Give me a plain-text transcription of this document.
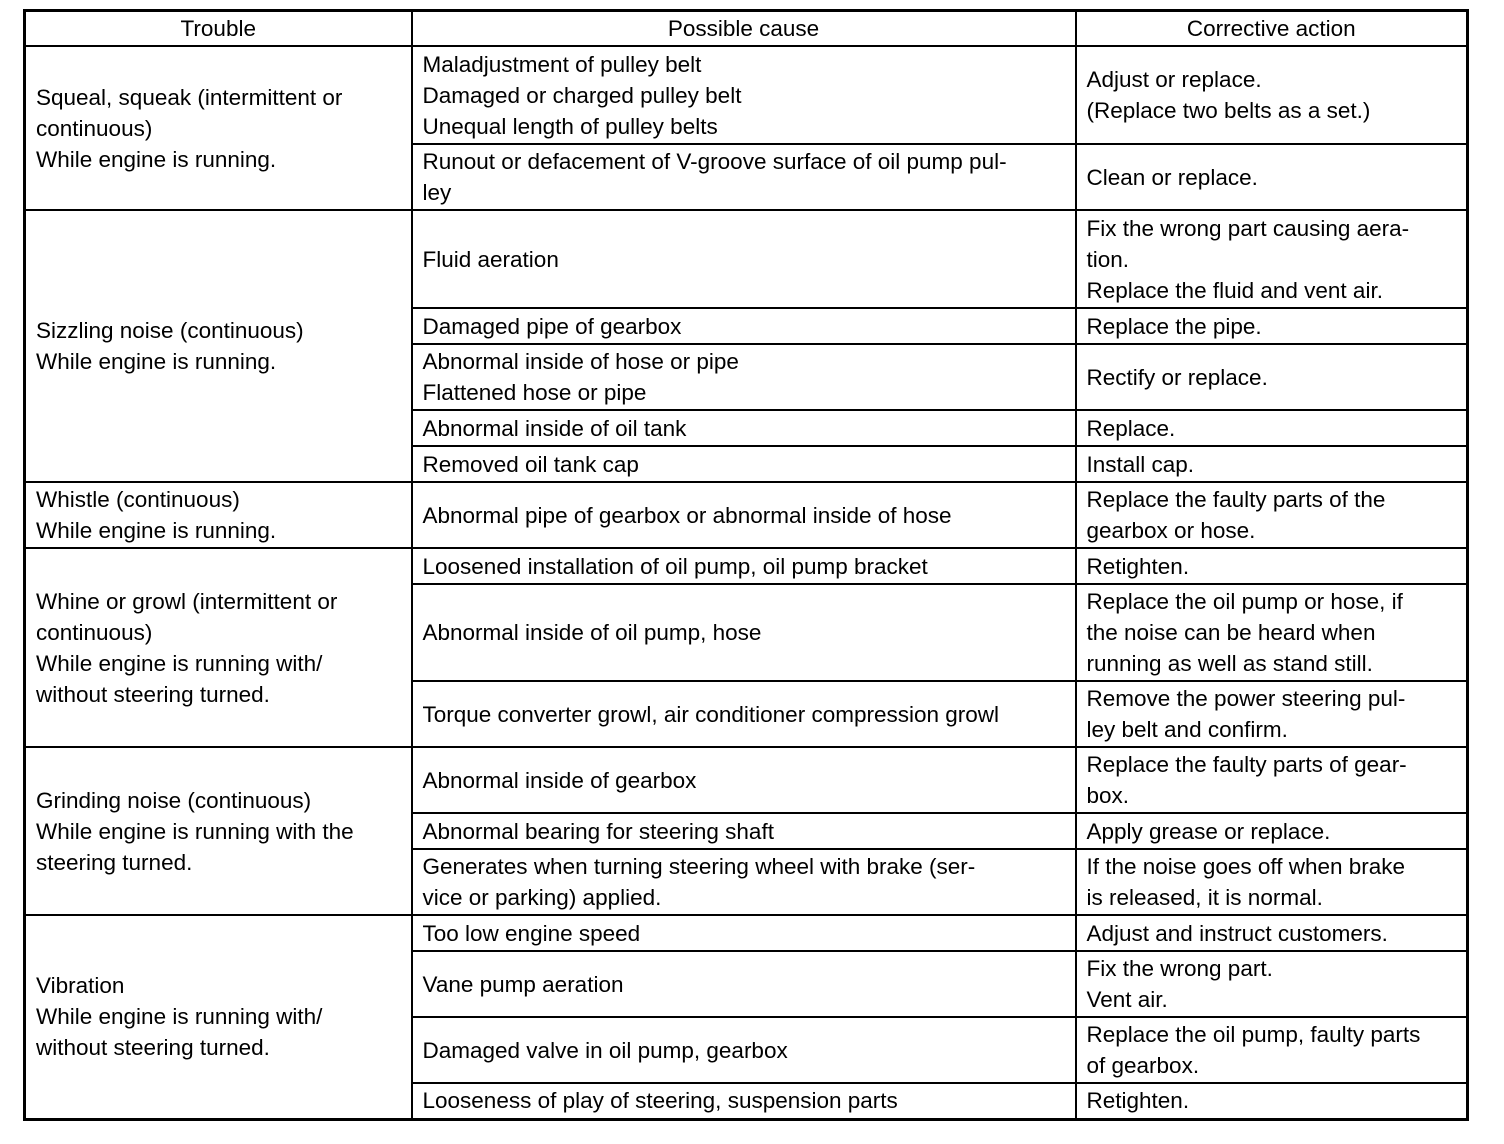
Trouble	Possible cause	Corrective action
Squeal, squeak (intermittent or
continuous)
While engine is running.	Maladjustment of pulley belt
Damaged or charged pulley belt
Unequal length of pulley belts	Adjust or replace.
(Replace two belts as a set.)
	Runout or defacement of V-groove surface of oil pump pul-
ley	Clean or replace.
Sizzling noise (continuous)
While engine is running.	Fluid aeration	Fix the wrong part causing aera-
tion.
Replace the fluid and vent air.
	Damaged pipe of gearbox	Replace the pipe.
	Abnormal inside of hose or pipe
Flattened hose or pipe	Rectify or replace.
	Abnormal inside of oil tank	Replace.
	Removed oil tank cap	Install cap.
Whistle (continuous)
While engine is running.	Abnormal pipe of gearbox or abnormal inside of hose	Replace the faulty parts of the
gearbox or hose.
Whine or growl (intermittent or
continuous)
While engine is running with/
without steering turned.	Loosened installation of oil pump, oil pump bracket	Retighten.
	Abnormal inside of oil pump, hose	Replace the oil pump or hose, if
the noise can be heard when
running as well as stand still.
	Torque converter growl, air conditioner compression growl	Remove the power steering pul-
ley belt and confirm.
Grinding noise (continuous)
While engine is running with the
steering turned.	Abnormal inside of gearbox	Replace the faulty parts of gear-
box.
	Abnormal bearing for steering shaft	Apply grease or replace.
	Generates when turning steering wheel with brake (ser-
vice or parking) applied.	If the noise goes off when brake
is released, it is normal.
Vibration
While engine is running with/
without steering turned.	Too low engine speed	Adjust and instruct customers.
	Vane pump aeration	Fix the wrong part.
Vent air.
	Damaged valve in oil pump, gearbox	Replace the oil pump, faulty parts
of gearbox.
	Looseness of play of steering, suspension parts	Retighten.
